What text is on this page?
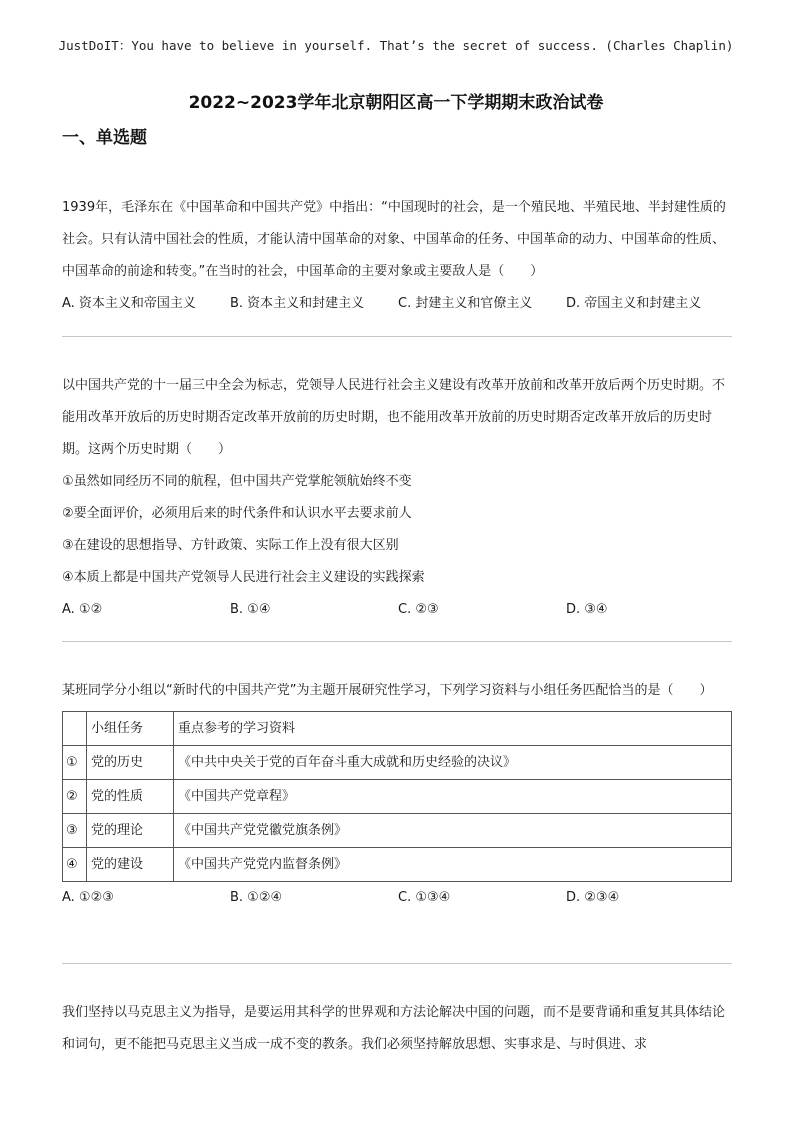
JustDoIT：You have to believe in yourself. That’s the secret of success. (Charles Chaplin)
2022~2023学年北京朝阳区高一下学期期末政治试卷
一、单选题

1939年，毛泽东在《中国革命和中国共产党》中指出：“中国现时的社会，是一个殖民地、半殖民地、半封建性质的社会。只有认清中国社会的性质，才能认清中国革命的对象、中国革命的任务、中国革命的动力、中国革命的性质、中国革命的前途和转变。”在当时的社会，中国革命的主要对象或主要敌人是（　　）

A. 资本主义和帝国主义	B. 资本主义和封建主义	C. 封建主义和官僚主义	D. 帝国主义和封建主义

以中国共产党的十一届三中全会为标志，党领导人民进行社会主义建设有改革开放前和改革开放后两个历史时期。不能用改革开放后的历史时期否定改革开放前的历史时期，也不能用改革开放前的历史时期否定改革开放后的历史时期。这两个历史时期（　　）

①虽然如同经历不同的航程，但中国共产党掌舵领航始终不变

②要全面评价，必须用后来的时代条件和认识水平去要求前人

③在建设的思想指导、方针政策、实际工作上没有很大区别

④本质上都是中国共产党领导人民进行社会主义建设的实践探索

A. ①②	B. ①④	C. ②③	D. ③④

某班同学分小组以“新时代的中国共产党”为主题开展研究性学习，下列学习资料与小组任务匹配恰当的是（　　）

	小组任务	重点参考的学习资料
①	党的历史	《中共中央关于党的百年奋斗重大成就和历史经验的决议》
②	党的性质	《中国共产党章程》
③	党的理论	《中国共产党党徽党旗条例》
④	党的建设	《中国共产党党内监督条例》
A. ①②③	B. ①②④	C. ①③④	D. ②③④

我们坚持以马克思主义为指导，是要运用其科学的世界观和方法论解决中国的问题，而不是要背诵和重复其具体结论和词句，更不能把马克思主义当成一成不变的教条。我们必须坚持解放思想、实事求是、与时俱进、求
